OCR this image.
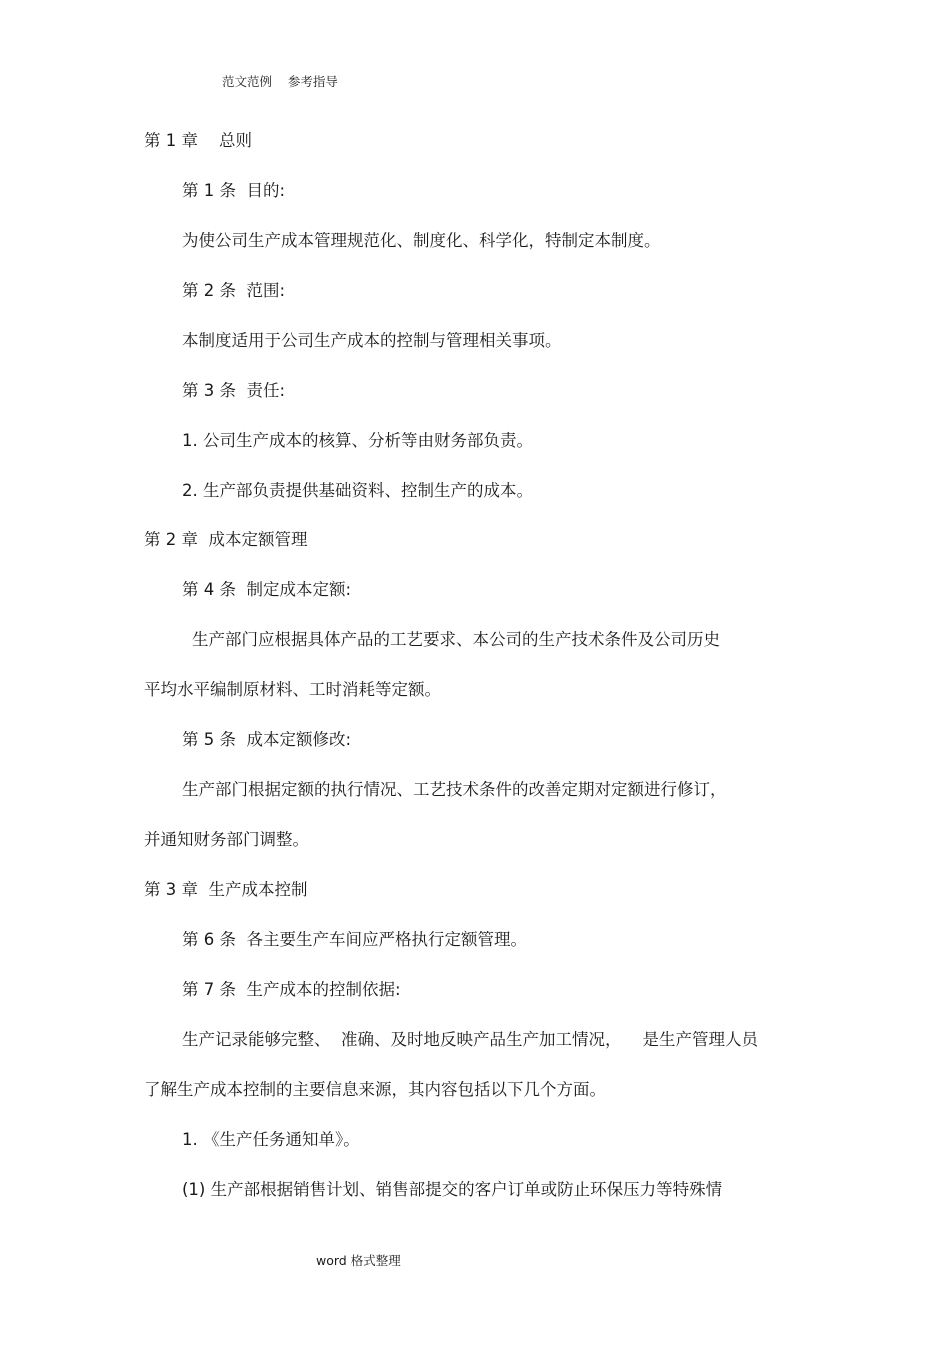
范文范例    参考指导
第 1 章    总则
第 1 条  目的:
为使公司生产成本管理规范化、制度化、科学化，特制定本制度。
第 2 条  范围:
本制度适用于公司生产成本的控制与管理相关事项。
第 3 条  责任:
1. 公司生产成本的核算、分析等由财务部负责。
2. 生产部负责提供基础资料、控制生产的成本。
第 2 章  成本定额管理
第 4 条  制定成本定额:
生产部门应根据具体产品的工艺要求、本公司的生产技术条件及公司历史
平均水平编制原材料、工时消耗等定额。
第 5 条  成本定额修改:
生产部门根据定额的执行情况、工艺技术条件的改善定期对定额进行修订，
并通知财务部门调整。
第 3 章  生产成本控制
第 6 条  各主要生产车间应严格执行定额管理。
第 7 条  生产成本的控制依据:
生产记录能够完整、  准确、及时地反映产品生产加工情况，    是生产管理人员
了解生产成本控制的主要信息来源，其内容包括以下几个方面。
1. 《生产任务通知单》。
(1) 生产部根据销售计划、销售部提交的客户订单或防止环保压力等特殊情
word 格式整理
